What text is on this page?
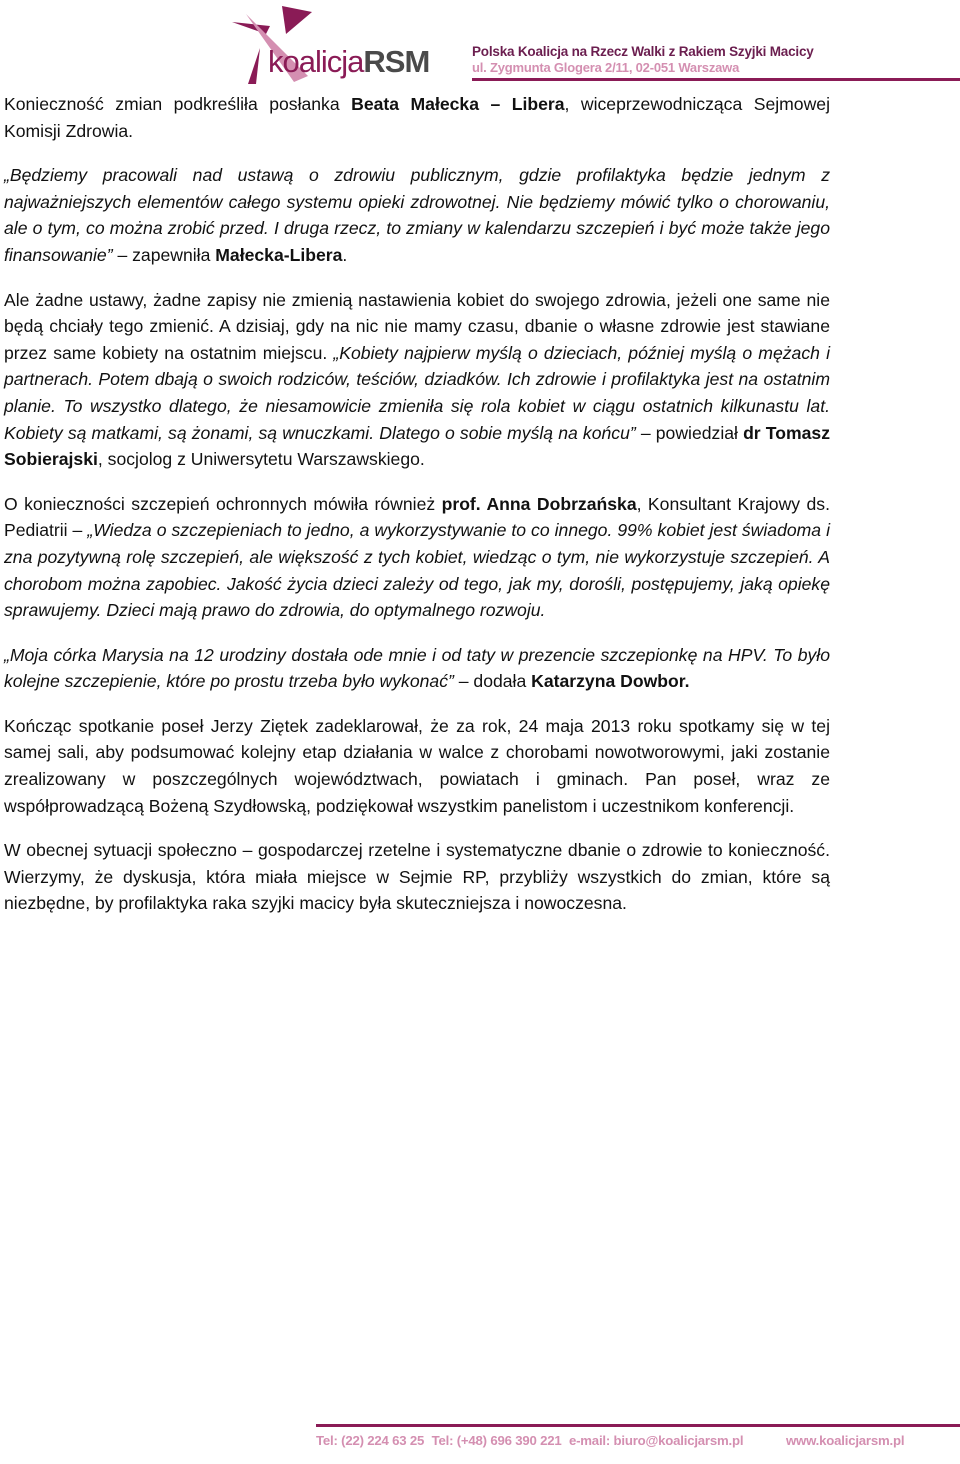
koalicjaRSM	Polska Koalicja na Rzecz Walki z Rakiem Szyjki Macicy
ul. Zygmunta Glogera 2/11, 02-051 Warszawa

Konieczność zmian podkreśliła posłanka Beata Małecka – Libera, wiceprzewodnicząca Sejmowej Komisji Zdrowia.

„Będziemy pracowali nad ustawą o zdrowiu publicznym, gdzie profilaktyka będzie jednym z najważniejszych elementów całego systemu opieki zdrowotnej. Nie będziemy mówić tylko o chorowaniu, ale o tym, co można zrobić przed. I druga rzecz, to zmiany w kalendarzu szczepień i być może także jego finansowanie” – zapewniła Małecka-Libera.

Ale żadne ustawy, żadne zapisy nie zmienią nastawienia kobiet do swojego zdrowia, jeżeli one same nie będą chciały tego zmienić. A dzisiaj, gdy na nic nie mamy czasu, dbanie o własne zdrowie jest stawiane przez same kobiety na ostatnim miejscu. „Kobiety najpierw myślą o dzieciach, później myślą o mężach i partnerach. Potem dbają o swoich rodziców, teściów, dziadków. Ich zdrowie i profilaktyka jest na ostatnim planie. To wszystko dlatego, że niesamowicie zmieniła się rola kobiet w ciągu ostatnich kilkunastu lat. Kobiety są matkami, są żonami, są wnuczkami. Dlatego o sobie myślą na końcu” – powiedział dr Tomasz Sobierajski, socjolog z Uniwersytetu Warszawskiego.

O konieczności szczepień ochronnych mówiła również prof. Anna Dobrzańska, Konsultant Krajowy ds. Pediatrii – „Wiedza o szczepieniach to jedno, a wykorzystywanie to co innego. 99% kobiet jest świadoma i zna pozytywną rolę szczepień, ale większość z tych kobiet, wiedząc o tym, nie wykorzystuje szczepień. A chorobom można zapobiec. Jakość życia dzieci zależy od tego, jak my, dorośli, postępujemy, jaką opiekę sprawujemy. Dzieci mają prawo do zdrowia, do optymalnego rozwoju.

„Moja córka Marysia na 12 urodziny dostała ode mnie i od taty w prezencie szczepionkę na HPV. To było kolejne szczepienie, które po prostu trzeba było wykonać” – dodała Katarzyna Dowbor.

Kończąc spotkanie poseł Jerzy Ziętek zadeklarował, że za rok, 24 maja 2013 roku spotkamy się w tej samej sali, aby podsumować kolejny etap działania w walce z chorobami nowotworowymi, jaki zostanie zrealizowany w poszczególnych województwach, powiatach i gminach. Pan poseł, wraz ze współprowadzącą Bożeną Szydłowską, podziękował wszystkim panelistom i uczestnikom konferencji.

W obecnej sytuacji społeczno – gospodarczej rzetelne i systematyczne dbanie o zdrowie to konieczność. Wierzymy, że dyskusja, która miała miejsce w Sejmie RP, przybliży wszystkich do zmian, które są niezbędne, by profilaktyka raka szyjki macicy była skuteczniejsza i nowoczesna.

Tel: (22) 224 63 25 Tel: (+48) 696 390 221 e-mail: biuro@koalicjarsm.pl	www.koalicjarsm.pl
